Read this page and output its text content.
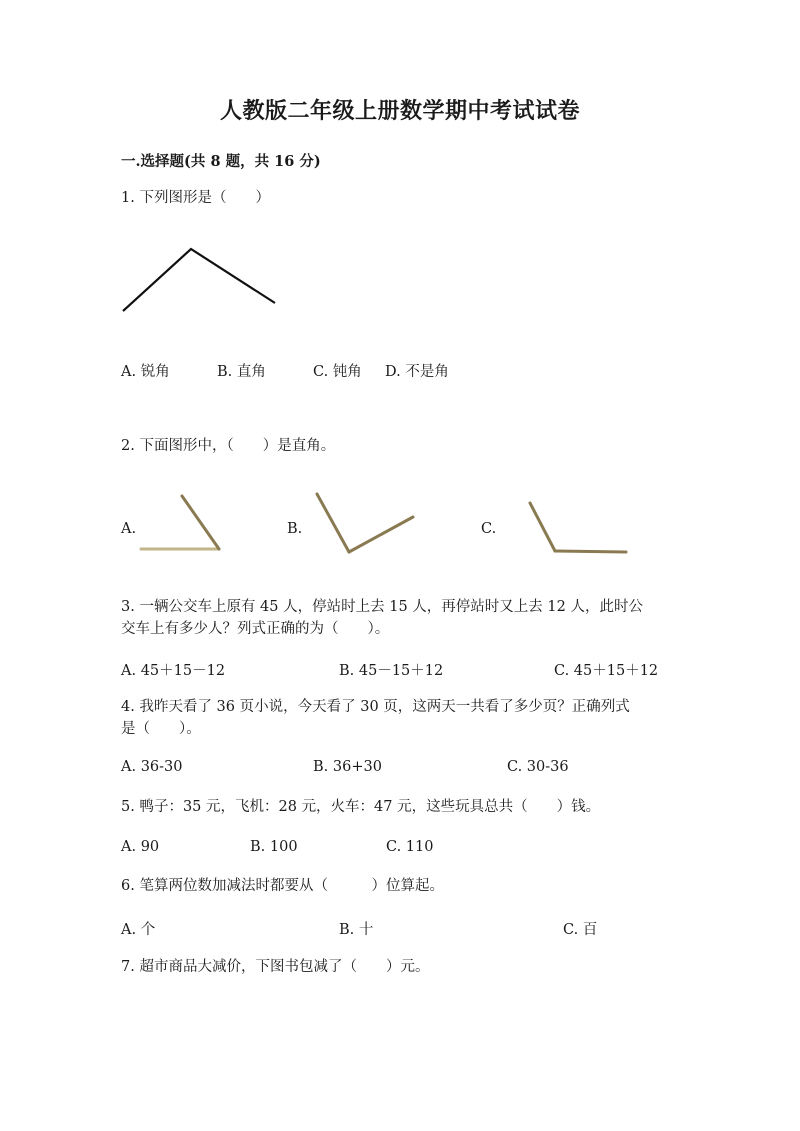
人教版二年级上册数学期中考试试卷
一.选择题(共 8 题，共 16 分)
1. 下列图形是（　　）
A. 锐角	B. 直角	C. 钝角 D. 不是角
2. 下面图形中，（　　）是直角。
A.	B.	C.
3. 一辆公交车上原有 45 人，停站时上去 15 人，再停站时又上去 12 人，此时公
交车上有多少人？列式正确的为（　　）。
A. 45＋15－12	B. 45－15＋12	C. 45＋15＋12
4. 我昨天看了 36 页小说，今天看了 30 页，这两天一共看了多少页？正确列式
是（　　）。
A. 36-30	B. 36+30	C. 30-36
5. 鸭子：35 元，飞机：28 元，火车：47 元，这些玩具总共（　　）钱。
A. 90	B. 100	C. 110
6. 笔算两位数加减法时都要从（　　　）位算起。
A. 个	B. 十	C. 百
7. 超市商品大减价，下图书包减了（　　）元。
